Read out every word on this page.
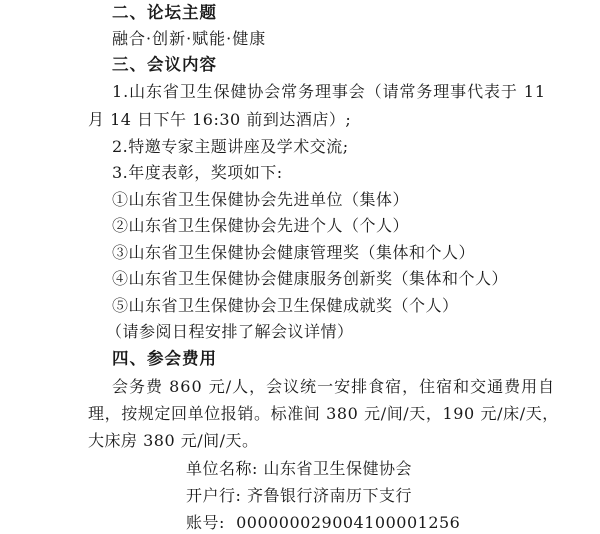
二、论坛主题
融合·创新·赋能·健康
三、会议内容
1.山东省卫生保健协会常务理事会（请常务理事代表于 11
月 14 日下午 16:30 前到达酒店）;
2.特邀专家主题讲座及学术交流;
3.年度表彰，奖项如下:
①山东省卫生保健协会先进单位（集体）
②山东省卫生保健协会先进个人（个人）
③山东省卫生保健协会健康管理奖（集体和个人）
④山东省卫生保健协会健康服务创新奖（集体和个人）
⑤山东省卫生保健协会卫生保健成就奖（个人）
（请参阅日程安排了解会议详情）
四、参会费用
会务费 860 元/人，会议统一安排食宿，住宿和交通费用自
理，按规定回单位报销。标准间 380 元/间/天，190 元/床/天，
大床房 380 元/间/天。
单位名称: 山东省卫生保健协会
开户行: 齐鲁银行济南历下支行
账号: 000000029004100001256
